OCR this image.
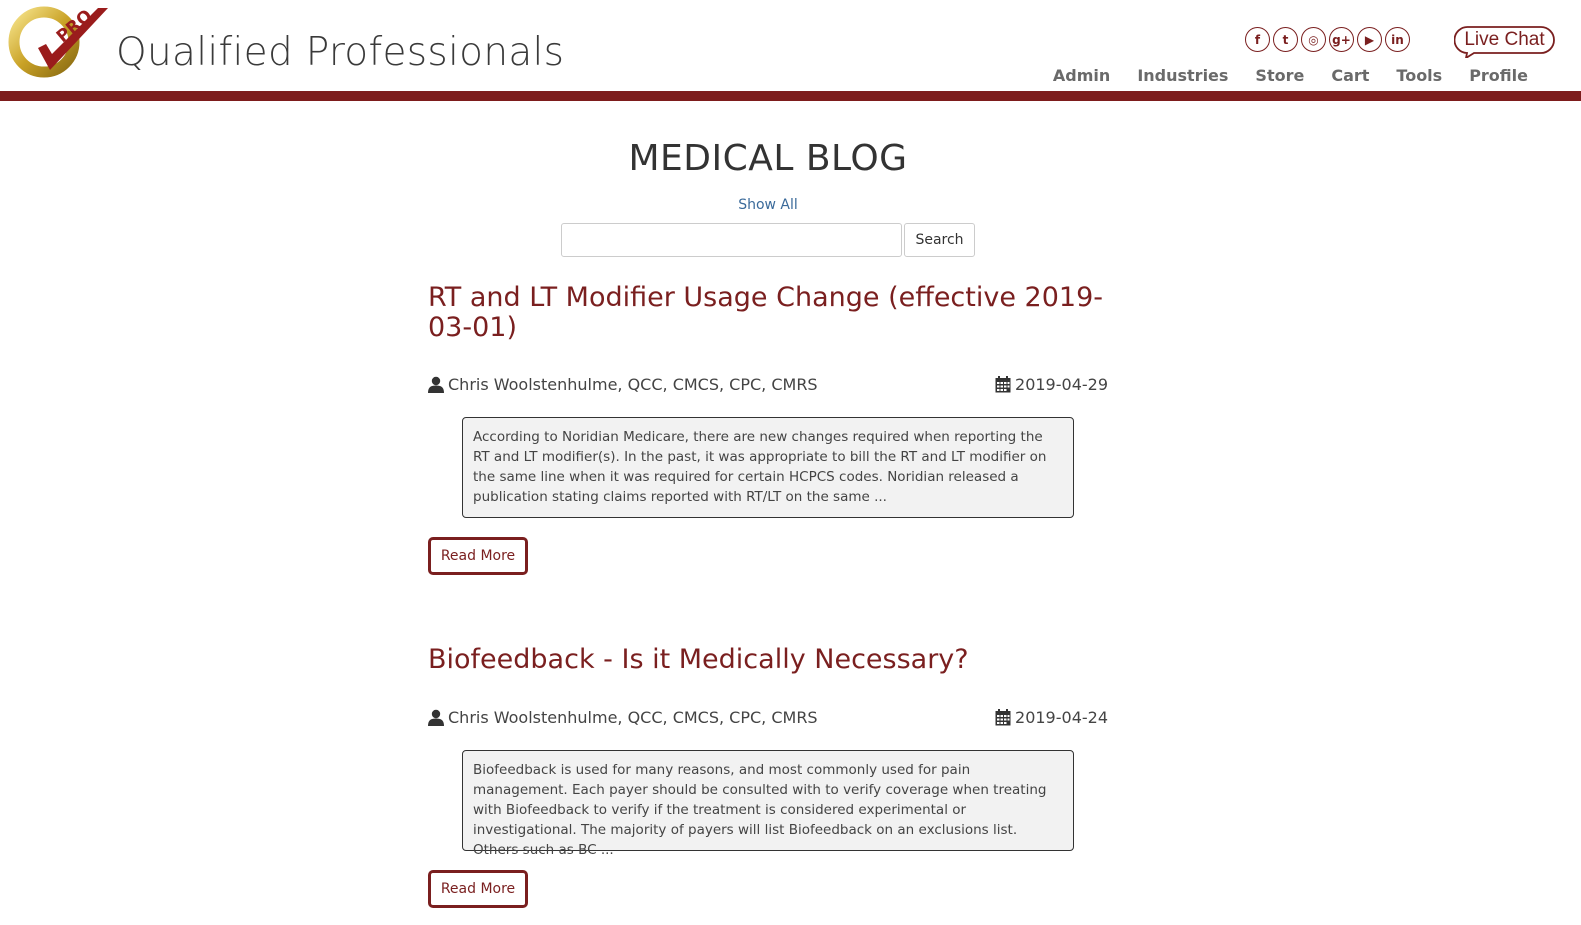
PRO
Qualified Professionals	f	t	◎	g+	▶	in	Live Chat
Admin Industries Store Cart Tools Profile
MEDICAL BLOG
Show All
Search
RT and LT Modifier Usage Change (effective 2019-03-01)
Chris Woolstenhulme, QCC, CMCS, CPC, CMRS	2019-04-29
According to Noridian Medicare, there are new changes required when reporting the RT and LT modifier(s). In the past, it was appropriate to bill the RT and LT modifier on the same line when it was required for certain HCPCS codes. Noridian released a publication stating claims reported with RT/LT on the same ...
Read More
Biofeedback - Is it Medically Necessary?
Chris Woolstenhulme, QCC, CMCS, CPC, CMRS	2019-04-24
Biofeedback is used for many reasons, and most commonly used for pain management. Each payer should be consulted with to verify coverage when treating with Biofeedback to verify if the treatment is considered experimental or investigational. The majority of payers will list Biofeedback on an exclusions list. Others such as BC ...
Read More
